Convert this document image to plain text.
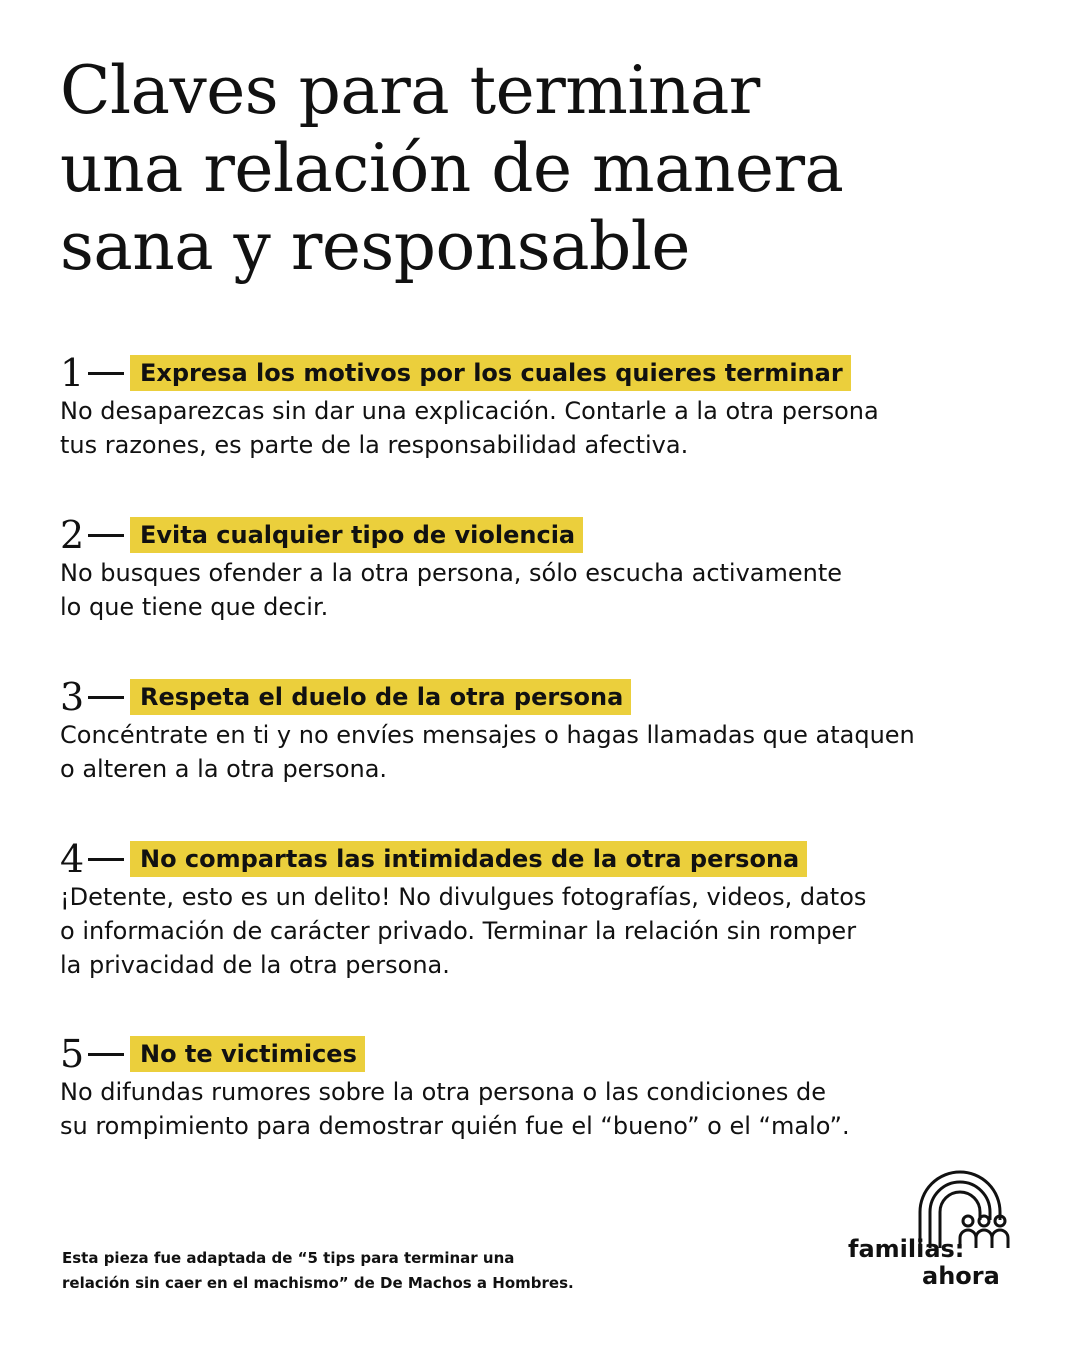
Claves para terminar
una relación de manera
sana y responsable
1	Expresa los motivos por los cuales quieres terminar

No desaparezcas sin dar una explicación. Contarle a la otra persona
tus razones, es parte de la responsabilidad afectiva.

2	Evita cualquier tipo de violencia

No busques ofender a la otra persona, sólo escucha activamente
lo que tiene que decir.

3	Respeta el duelo de la otra persona

Concéntrate en ti y no envíes mensajes o hagas llamadas que ataquen
o alteren a la otra persona.

4	No compartas las intimidades de la otra persona

¡Detente, esto es un delito! No divulgues fotografías, videos, datos
o información de carácter privado. Terminar la relación sin romper
la privacidad de la otra persona.

5	No te victimices

No difundas rumores sobre la otra persona o las condiciones de
su rompimiento para demostrar quién fue el “bueno” o el “malo”.

Esta pieza fue adaptada de “5 tips para terminar una
relación sin caer en el machismo” de De Machos a Hombres.
familias:
ahora
